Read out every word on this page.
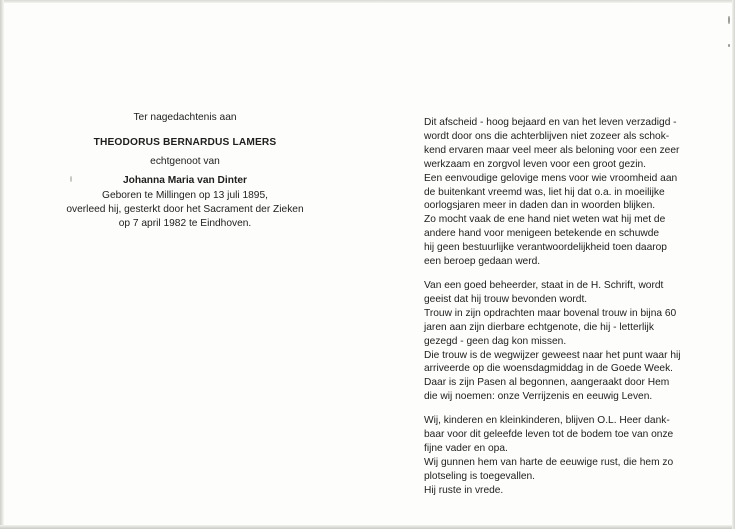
Ter nagedachtenis aan
THEODORUS BERNARDUS LAMERS
echtgenoot van
Johanna Maria van Dinter
Geboren te Millingen op 13 juli 1895,
overleed hij, gesterkt door het Sacrament der Zieken
op 7 april 1982 te Eindhoven.
Dit afscheid - hoog bejaard en van het leven verzadigd -
wordt door ons die achterblijven niet zozeer als schok-
kend ervaren maar veel meer als beloning voor een zeer
werkzaam en zorgvol leven voor een groot gezin.
Een eenvoudige gelovige mens voor wie vroomheid aan
de buitenkant vreemd was, liet hij dat o.a. in moeilijke
oorlogsjaren meer in daden dan in woorden blijken.
Zo mocht vaak de ene hand niet weten wat hij met de
andere hand voor menigeen betekende en schuwde
hij geen bestuurlijke verantwoordelijkheid toen daarop
een beroep gedaan werd.
Van een goed beheerder, staat in de H. Schrift, wordt
geeist dat hij trouw bevonden wordt.
Trouw in zijn opdrachten maar bovenal trouw in bijna 60
jaren aan zijn dierbare echtgenote, die hij - letterlijk
gezegd - geen dag kon missen.
Die trouw is de wegwijzer geweest naar het punt waar hij
arriveerde op die woensdagmiddag in de Goede Week.
Daar is zijn Pasen al begonnen, aangeraakt door Hem
die wij noemen: onze Verrijzenis en eeuwig Leven.
Wij, kinderen en kleinkinderen, blijven O.L. Heer dank-
baar voor dit geleefde leven tot de bodem toe van onze
fijne vader en opa.
Wij gunnen hem van harte de eeuwige rust, die hem zo
plotseling is toegevallen.
Hij ruste in vrede.
